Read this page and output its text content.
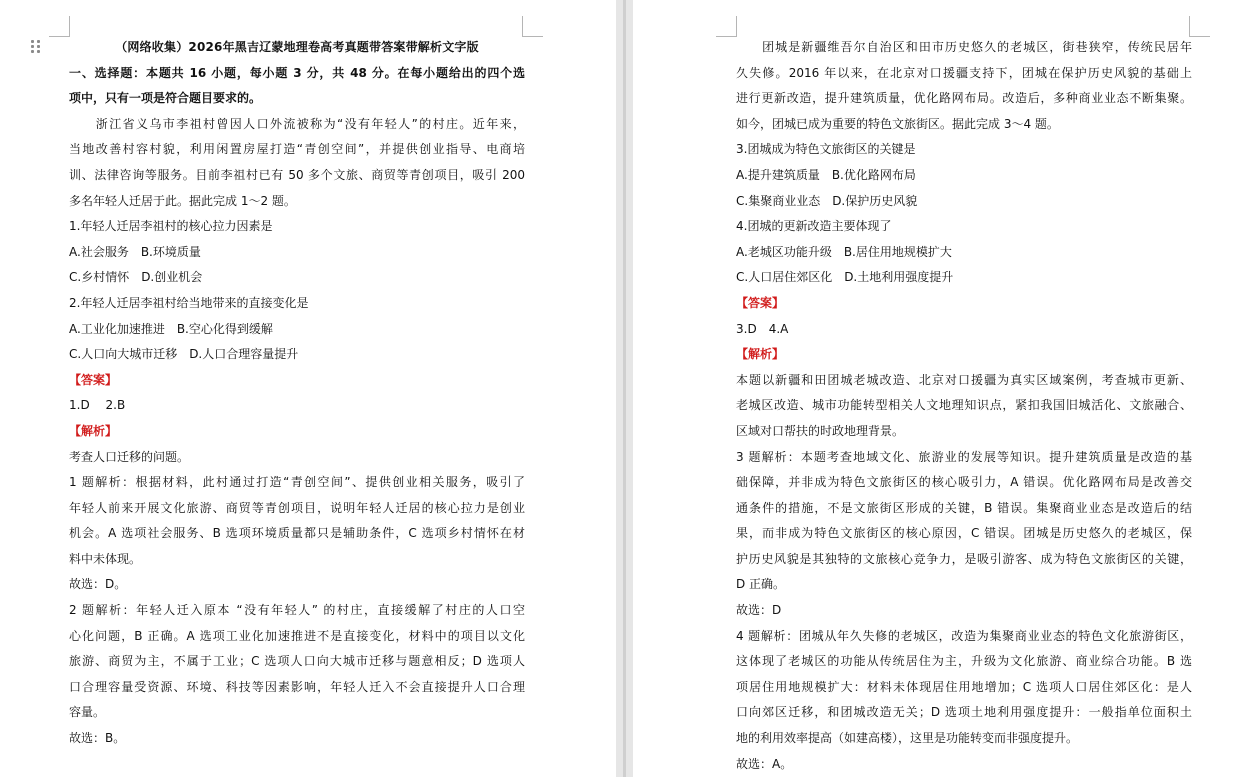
（网络收集）2026年黑吉辽蒙地理卷高考真题带答案带解析文字版
一、选择题：本题共 16 小题，每小题 3 分，共 48 分。在每小题给出的四个选
项中，只有一项是符合题目要求的。
　　浙江省义乌市李祖村曾因人口外流被称为“没有年轻人”的村庄。近年来，
当地改善村容村貌，利用闲置房屋打造“青创空间”，并提供创业指导、电商培
训、法律咨询等服务。目前李祖村已有 50 多个文旅、商贸等青创项目，吸引 200
多名年轻人迁居于此。据此完成 1～2 题。
1.年轻人迁居李祖村的核心拉力因素是
A.社会服务　B.环境质量
C.乡村情怀　D.创业机会
2.年轻人迁居李祖村给当地带来的直接变化是
A.工业化加速推进　B.空心化得到缓解
C.人口向大城市迁移　D.人口合理容量提升
【答案】
1.D　 2.B
【解析】
考查人口迁移的问题。
1 题解析：根据材料，此村通过打造“青创空间”、提供创业相关服务，吸引了
年轻人前来开展文化旅游、商贸等青创项目，说明年轻人迁居的核心拉力是创业
机会。A 选项社会服务、B 选项环境质量都只是辅助条件，C 选项乡村情怀在材
料中未体现。
故选：D。
2 题解析：年轻人迁入原本 “没有年轻人” 的村庄，直接缓解了村庄的人口空
心化问题，B 正确。A 选项工业化加速推进不是直接变化，材料中的项目以文化
旅游、商贸为主，不属于工业；C 选项人口向大城市迁移与题意相反；D 选项人
口合理容量受资源、环境、科技等因素影响，年轻人迁入不会直接提升人口合理
容量。
故选：B。
　　团城是新疆维吾尔自治区和田市历史悠久的老城区，街巷狭窄，传统民居年
久失修。2016 年以来，在北京对口援疆支持下，团城在保护历史风貌的基础上
进行更新改造，提升建筑质量，优化路网布局。改造后，多种商业业态不断集聚。
如今，团城已成为重要的特色文旅街区。据此完成 3～4 题。
3.团城成为特色文旅街区的关键是
A.提升建筑质量　B.优化路网布局
C.集聚商业业态　D.保护历史风貌
4.团城的更新改造主要体现了
A.老城区功能升级　B.居住用地规模扩大
C.人口居住郊区化　D.土地利用强度提升
【答案】
3.D　4.A
【解析】
本题以新疆和田团城老城改造、北京对口援疆为真实区域案例，考查城市更新、
老城区改造、城市功能转型相关人文地理知识点，紧扣我国旧城活化、文旅融合、
区域对口帮扶的时政地理背景。
3 题解析：本题考查地域文化、旅游业的发展等知识。提升建筑质量是改造的基
础保障，并非成为特色文旅街区的核心吸引力，A 错误。优化路网布局是改善交
通条件的措施，不是文旅街区形成的关键，B 错误。集聚商业业态是改造后的结
果，而非成为特色文旅街区的核心原因，C 错误。团城是历史悠久的老城区，保
护历史风貌是其独特的文旅核心竞争力，是吸引游客、成为特色文旅街区的关键，
D 正确。
故选：D
4 题解析：团城从年久失修的老城区，改造为集聚商业业态的特色文化旅游街区，
这体现了老城区的功能从传统居住为主，升级为文化旅游、商业综合功能。B 选
项居住用地规模扩大：材料未体现居住用地增加；C 选项人口居住郊区化：是人
口向郊区迁移，和团城改造无关；D 选项土地利用强度提升：一般指单位面积土
地的利用效率提高（如建高楼），这里是功能转变而非强度提升。
故选：A。
